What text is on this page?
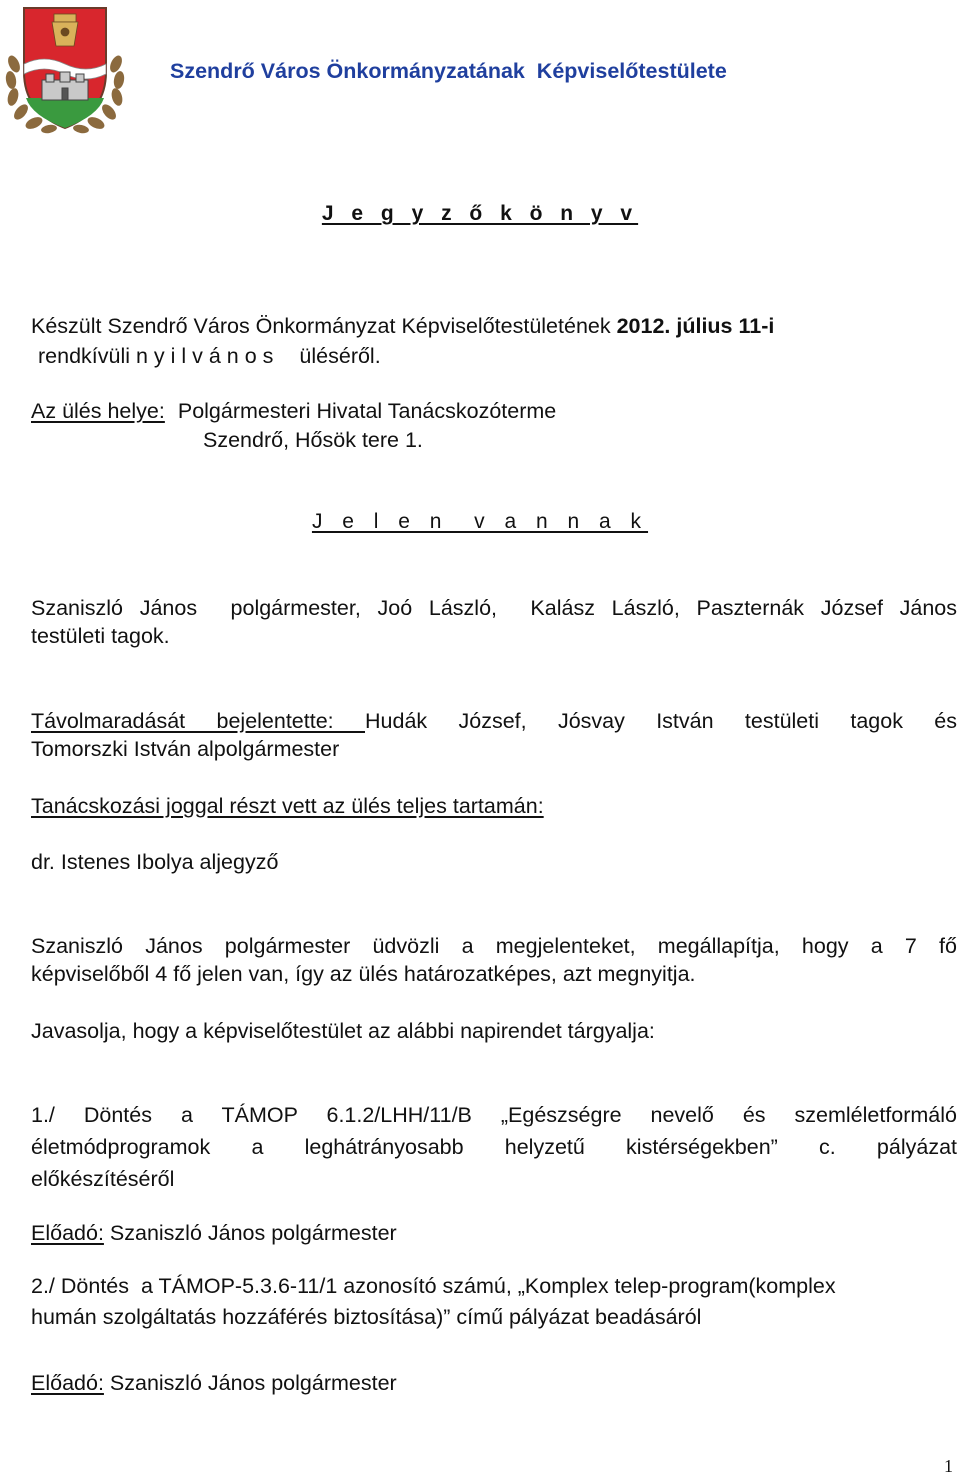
Szendrő Város Önkormányzatának  Képviselőtestülete
J e g y z ő k ö n y v
Készült Szendrő Város Önkormányzat Képviselőtestületének 2012. július 11-i
rendkívüli n y i l v á n o s üléséről.
Az ülés helye: Polgármesteri Hivatal Tanácskozóterme
Szendrő, Hősök tere 1.
J e l e n  v a n n a k
Szaniszló János  polgármester, Joó László,  Kalász László, Paszternák József János
testületi tagok.
Távolmaradását bejelentette: Hudák József, Jósvay István testületi tagok és
Tomorszki István alpolgármester
Tanácskozási joggal részt vett az ülés teljes tartamán:
dr. Istenes Ibolya aljegyző
Szaniszló János polgármester üdvözli a megjelenteket, megállapítja, hogy a 7 fő
képviselőből 4 fő jelen van, így az ülés határozatképes, azt megnyitja.
Javasolja, hogy a képviselőtestület az alábbi napirendet tárgyalja:
1./ Döntés a TÁMOP 6.1.2/LHH/11/B „Egészségre nevelő és szemléletformáló
életmódprogramok a leghátrányosabb helyzetű kistérségekben” c. pályázat
előkészítéséről
Előadó: Szaniszló János polgármester
2./ Döntés  a TÁMOP-5.3.6-11/1 azonosító számú, „Komplex telep-program(komplex
humán szolgáltatás hozzáférés biztosítása)” című pályázat beadásáról
Előadó: Szaniszló János polgármester
1
